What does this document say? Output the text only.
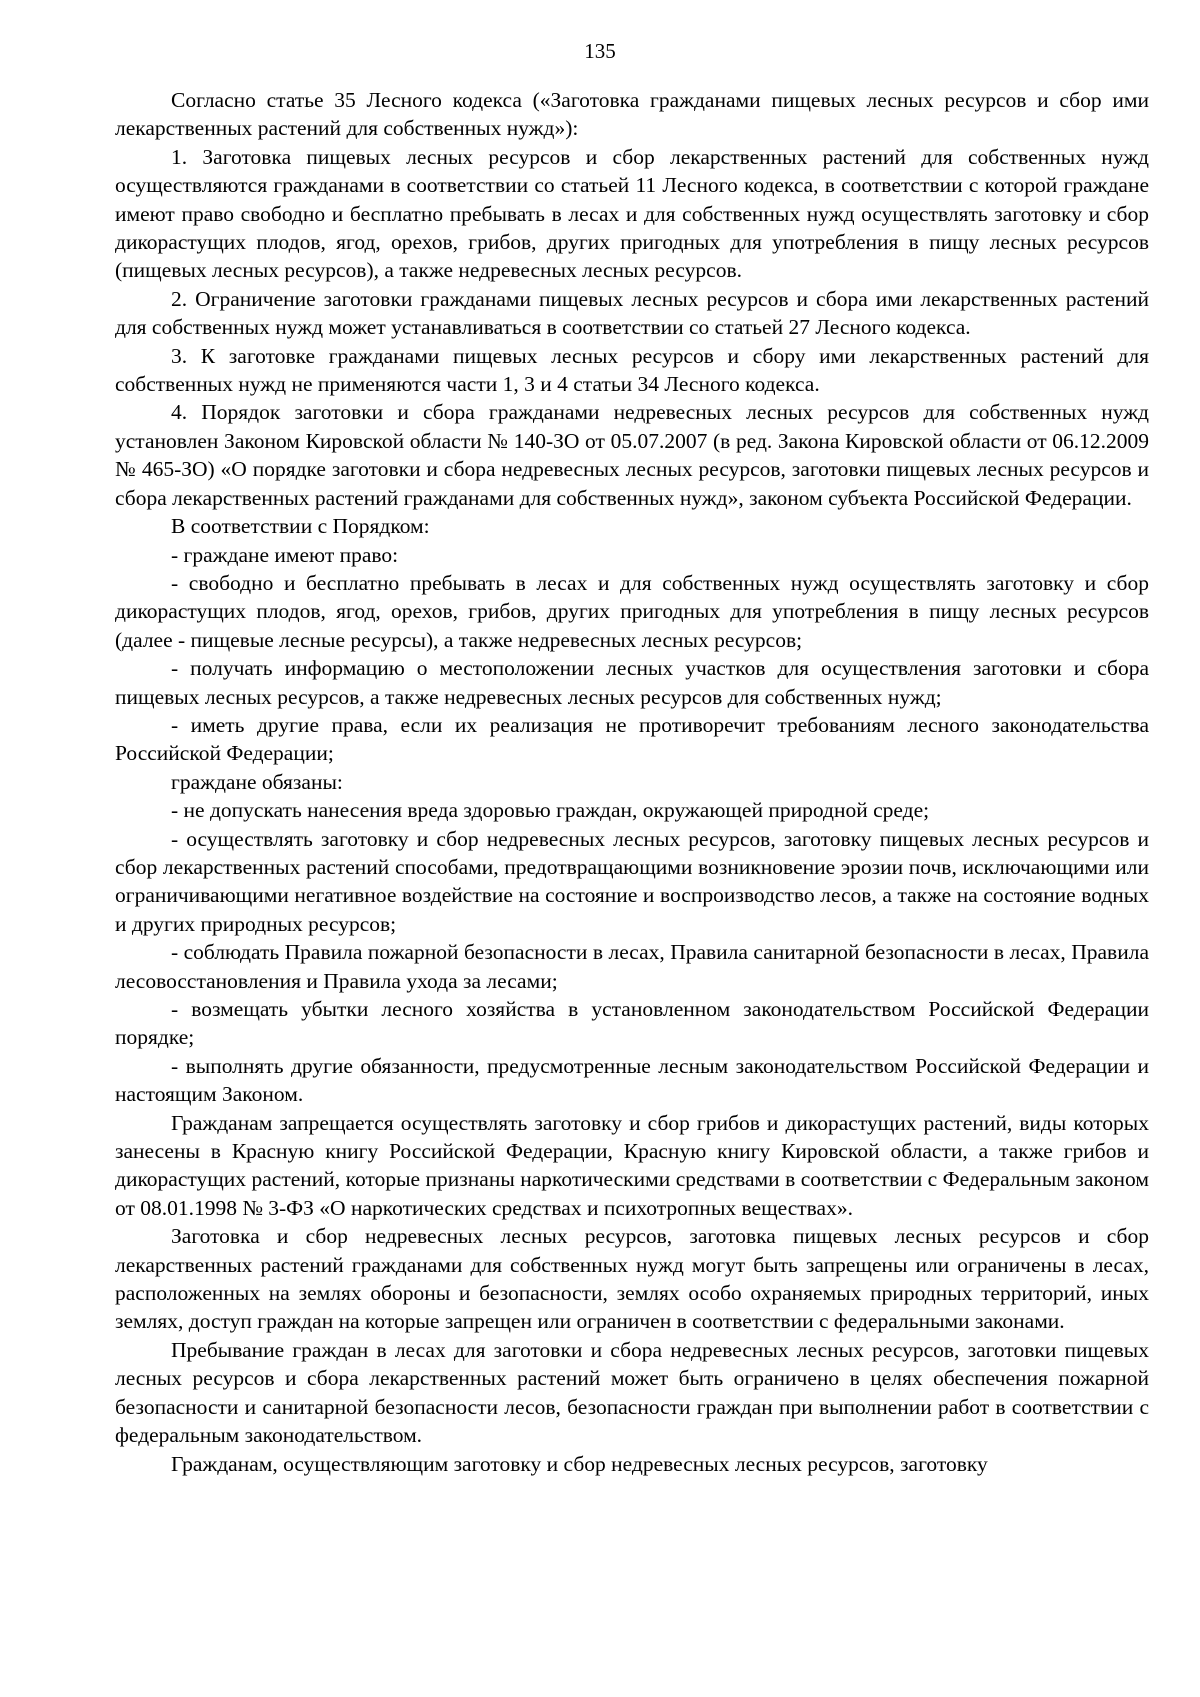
135

Согласно статье 35 Лесного кодекса («Заготовка гражданами пищевых лесных ресурсов и сбор ими лекарственных растений для собственных нужд»):

1. Заготовка пищевых лесных ресурсов и сбор лекарственных растений для собственных нужд осуществляются гражданами в соответствии со статьей 11 Лесного кодекса, в соответствии с которой граждане имеют право свободно и бесплатно пребывать в лесах и для собственных нужд осуществлять заготовку и сбор дикорастущих плодов, ягод, орехов, грибов, других пригодных для употребления в пищу лесных ресурсов (пищевых лесных ресурсов), а также недревесных лесных ресурсов.

2. Ограничение заготовки гражданами пищевых лесных ресурсов и сбора ими лекарственных растений для собственных нужд может устанавливаться в соответствии со статьей 27 Лесного кодекса.

3. К заготовке гражданами пищевых лесных ресурсов и сбору ими лекарственных растений для собственных нужд не применяются части 1, 3 и 4 статьи 34 Лесного кодекса.

4. Порядок заготовки и сбора гражданами недревесных лесных ресурсов для собственных нужд установлен Законом Кировской области № 140-ЗО от 05.07.2007 (в ред. Закона Кировской области от 06.12.2009 № 465-ЗО) «О порядке заготовки и сбора недревесных лесных ресурсов, заготовки пищевых лесных ресурсов и сбора лекарственных растений гражданами для собственных нужд», законом субъекта Российской Федерации.

В соответствии с Порядком:

- граждане имеют право:

- свободно и бесплатно пребывать в лесах и для собственных нужд осуществлять заготовку и сбор дикорастущих плодов, ягод, орехов, грибов, других пригодных для употребления в пищу лесных ресурсов (далее - пищевые лесные ресурсы), а также недревесных лесных ресурсов;

- получать информацию о местоположении лесных участков для осуществления заготовки и сбора пищевых лесных ресурсов, а также недревесных лесных ресурсов для собственных нужд;

- иметь другие права, если их реализация не противоречит требованиям лесного законодательства Российской Федерации;

граждане обязаны:

- не допускать нанесения вреда здоровью граждан, окружающей природной среде;

- осуществлять заготовку и сбор недревесных лесных ресурсов, заготовку пищевых лесных ресурсов и сбор лекарственных растений способами, предотвращающими возникновение эрозии почв, исключающими или ограничивающими негативное воздействие на состояние и воспроизводство лесов, а также на состояние водных и других природных ресурсов;

- соблюдать Правила пожарной безопасности в лесах, Правила санитарной безопасности в лесах, Правила лесовосстановления и Правила ухода за лесами;

- возмещать убытки лесного хозяйства в установленном законодательством Российской Федерации порядке;

- выполнять другие обязанности, предусмотренные лесным законодательством Российской Федерации и настоящим Законом.

Гражданам запрещается осуществлять заготовку и сбор грибов и дикорастущих растений, виды которых занесены в Красную книгу Российской Федерации, Красную книгу Кировской области, а также грибов и дикорастущих растений, которые признаны наркотическими средствами в соответствии с Федеральным законом от 08.01.1998 № 3-ФЗ «О наркотических средствах и психотропных веществах».

Заготовка и сбор недревесных лесных ресурсов, заготовка пищевых лесных ресурсов и сбор лекарственных растений гражданами для собственных нужд могут быть запрещены или ограничены в лесах, расположенных на землях обороны и безопасности, землях особо охраняемых природных территорий, иных землях, доступ граждан на которые запрещен или ограничен в соответствии с федеральными законами.

Пребывание граждан в лесах для заготовки и сбора недревесных лесных ресурсов, заготовки пищевых лесных ресурсов и сбора лекарственных растений может быть ограничено в целях обеспечения пожарной безопасности и санитарной безопасности лесов, безопасности граждан при выполнении работ в соответствии с федеральным законодательством.

Гражданам, осуществляющим заготовку и сбор недревесных лесных ресурсов, заготовку
